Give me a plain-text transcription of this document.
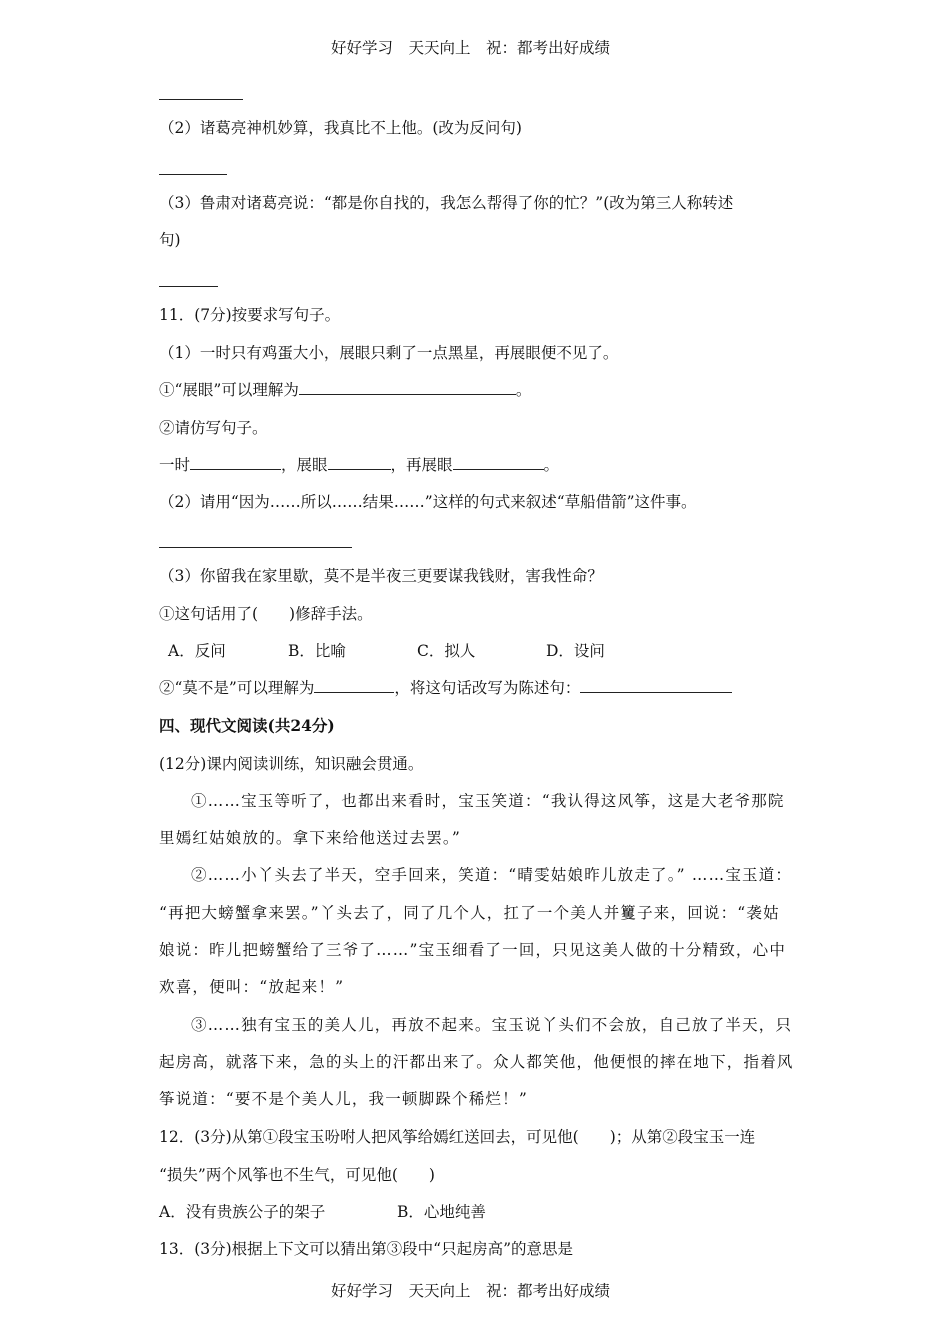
好好学习　天天向上　祝：都考出好成绩
（2）诸葛亮神机妙算，我真比不上他。(改为反问句)
（3）鲁肃对诸葛亮说：“都是你自找的，我怎么帮得了你的忙？”(改为第三人称转述
句)
11．(7分)按要求写句子。
（1）一时只有鸡蛋大小，展眼只剩了一点黑星，再展眼便不见了。
①“展眼”可以理解为	。
②请仿写句子。
一时	，展眼	，再展眼	。
（2）请用“因为……所以……结果……”这样的句式来叙述“草船借箭”这件事。
（3）你留我在家里歇，莫不是半夜三更要谋我钱财，害我性命？
①这句话用了(　　)修辞手法。
A．反问	B．比喻	C．拟人	D．设问
②“莫不是”可以理解为	，将这句话改写为陈述句：
四、现代文阅读(共24分)
(12分)课内阅读训练，知识融会贯通。
①……宝玉等听了，也都出来看时，宝玉笑道：“我认得这风筝，这是大老爷那院
里嫣红姑娘放的。拿下来给他送过去罢。”
②……小丫头去了半天，空手回来，笑道：“晴雯姑娘昨儿放走了。” ……宝玉道：
“再把大螃蟹拿来罢。”丫头去了，同了几个人，扛了一个美人并籰子来，回说：“袭姑
娘说：昨儿把螃蟹给了三爷了……”宝玉细看了一回，只见这美人做的十分精致，心中
欢喜，便叫：“放起来！”
③……独有宝玉的美人儿，再放不起来。宝玉说丫头们不会放，自己放了半天，只
起房高，就落下来，急的头上的汗都出来了。众人都笑他，他便恨的摔在地下，指着风
筝说道：“要不是个美人儿，我一顿脚跺个稀烂！”
12．(3分)从第①段宝玉吩咐人把风筝给嫣红送回去，可见他(　　)；从第②段宝玉一连
“损失”两个风筝也不生气，可见他(　　)
A．没有贵族公子的架子	B．心地纯善
13．(3分)根据上下文可以猜出第③段中“只起房高”的意思是
好好学习　天天向上　祝：都考出好成绩
